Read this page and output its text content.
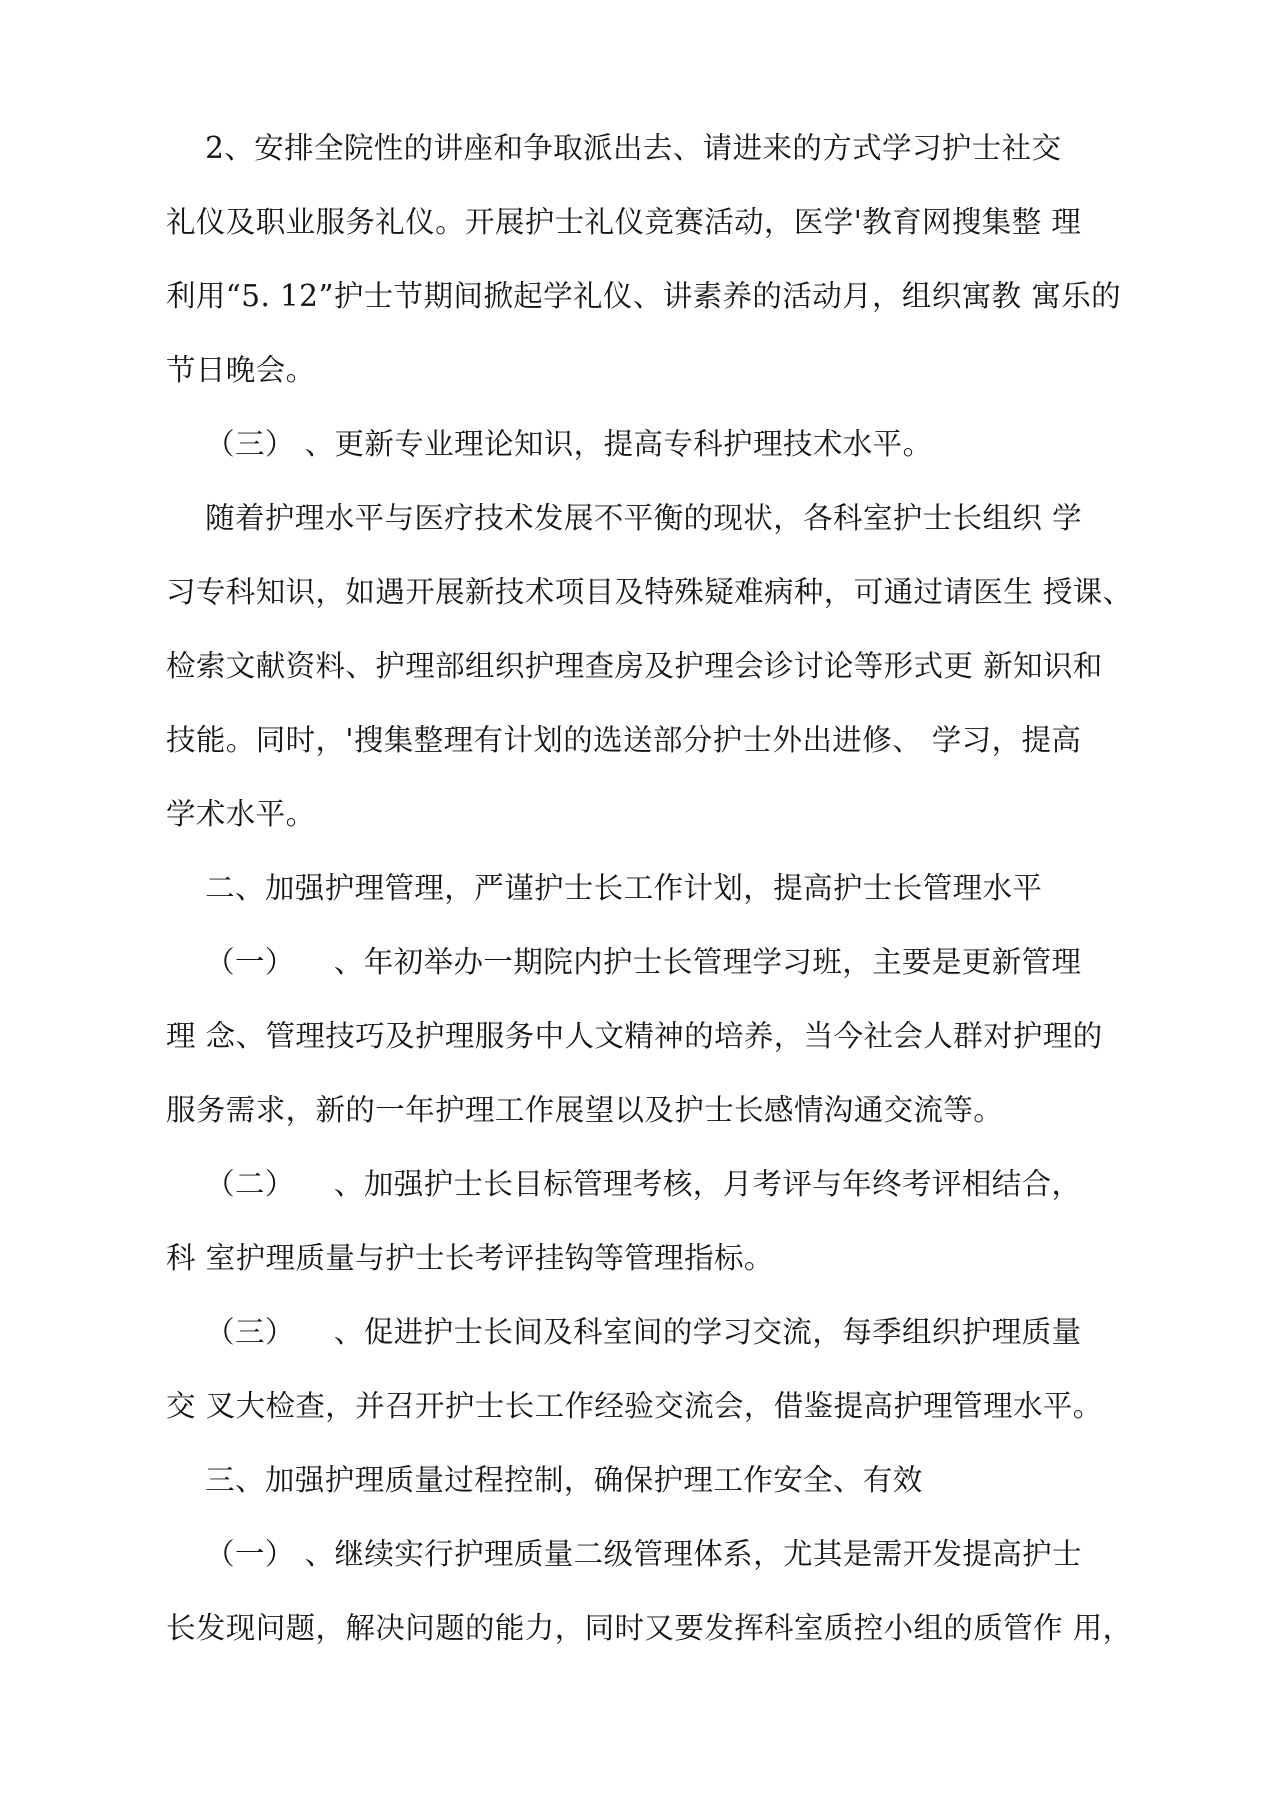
2、安排全院性的讲座和争取派出去、请进来的方式学习护士社交

礼仪及职业服务礼仪。开展护士礼仪竞赛活动，医学'教育网搜集整 理

利用“5. 12”护士节期间掀起学礼仪、讲素养的活动月，组织寓教 寓乐的

节日晚会。

（三） 、更新专业理论知识，提高专科护理技术水平。

随着护理水平与医疗技术发展不平衡的现状，各科室护士长组织 学

习专科知识，如遇开展新技术项目及特殊疑难病种，可通过请医生 授课、

检索文献资料、护理部组织护理查房及护理会诊讨论等形式更 新知识和

技能。同时，'搜集整理有计划的选送部分护士外出进修、 学习，提高

学术水平。

二、加强护理管理，严谨护士长工作计划，提高护士长管理水平

（一）    、年初举办一期院内护士长管理学习班，主要是更新管理

理 念、管理技巧及护理服务中人文精神的培养，当今社会人群对护理的

服务需求，新的一年护理工作展望以及护士长感情沟通交流等。

（二）    、加强护士长目标管理考核，月考评与年终考评相结合，

科 室护理质量与护士长考评挂钩等管理指标。

（三）    、促进护士长间及科室间的学习交流，每季组织护理质量

交 叉大检查，并召开护士长工作经验交流会，借鉴提高护理管理水平。

三、加强护理质量过程控制，确保护理工作安全、有效

（一） 、继续实行护理质量二级管理体系，尤其是需开发提高护士

长发现问题，解决问题的能力，同时又要发挥科室质控小组的质管作 用，
